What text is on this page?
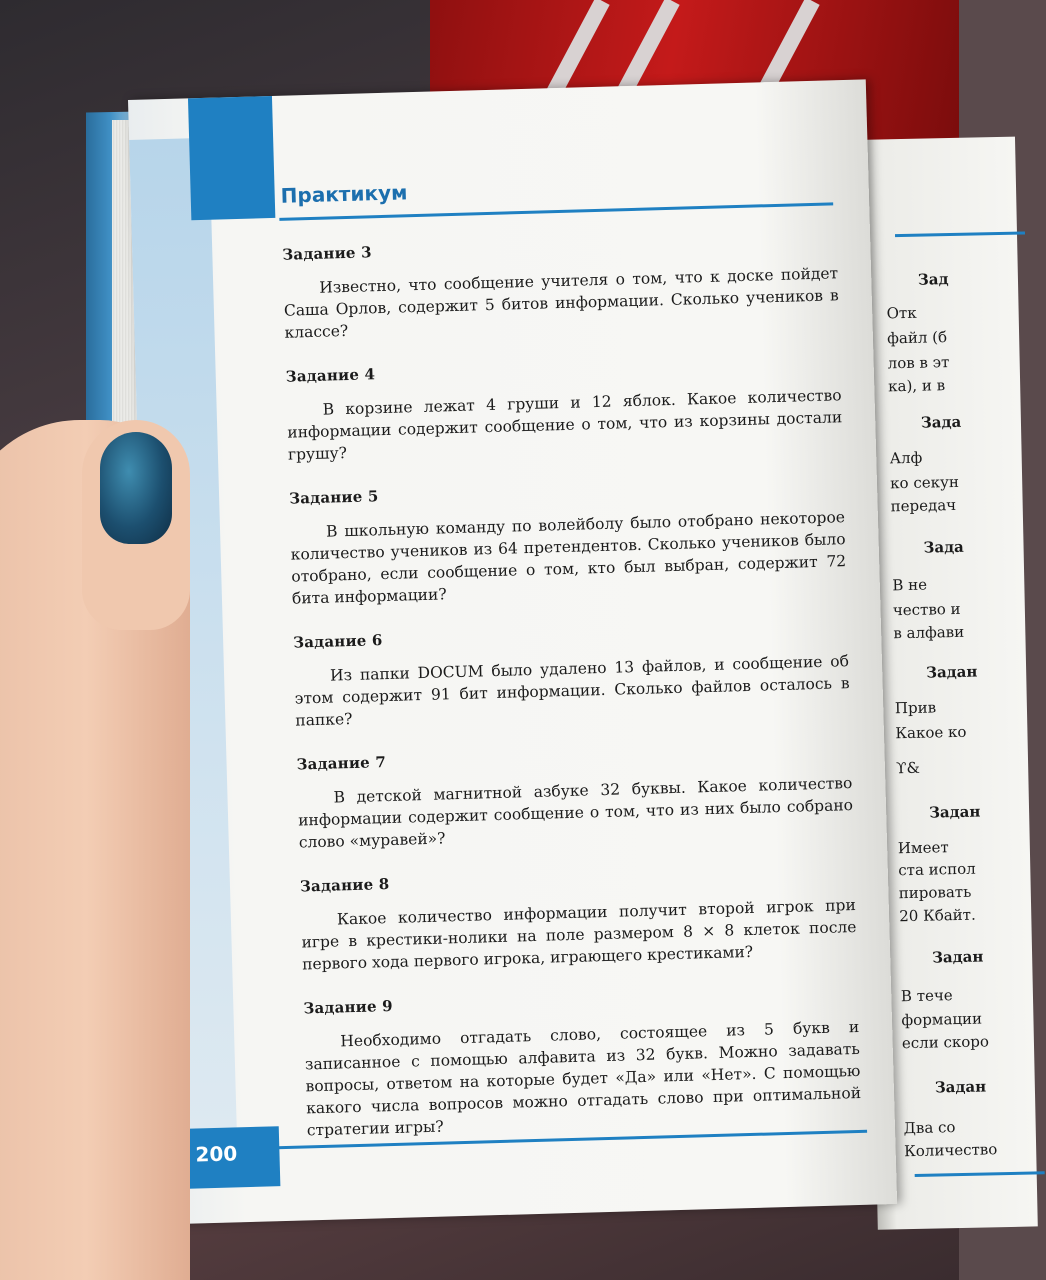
Зад
Отк
файл (б
лов в эт
ка), и в
Зада
Алф
ко секун
передач
Зада
В не
чество и
в алфави
Задан
Прив
Какое ко
ϒ&
Задан
Имеет
ста испол
пировать
20 Кбайт.
Задан
В тече
формации
если скоро
Задан
Два со
Количество
Практикум
Задание 3

Известно, что сообщение учителя о том, что к доске пойдет Саша Орлов, содержит 5 битов информации. Сколько учеников в классе?

Задание 4

В корзине лежат 4 груши и 12 яблок. Какое количество информации содержит сообщение о том, что из корзины достали грушу?

Задание 5

В школьную команду по волейболу было отобрано некоторое количество учеников из 64 претендентов. Сколько учеников было отобрано, если сообщение о том, кто был выбран, содержит 72 бита информации?

Задание 6

Из папки DOCUM было удалено 13 файлов, и сообщение об этом содержит 91 бит информации. Сколько файлов осталось в папке?

Задание 7

В детской магнитной азбуке 32 буквы. Какое количество информации содержит сообщение о том, что из них было собрано слово «муравей»?

Задание 8

Какое количество информации получит второй игрок при игре в крестики-нолики на поле размером 8 × 8 клеток после первого хода первого игрока, играющего крестиками?

Задание 9

Необходимо отгадать слово, состоящее из 5 букв и записанное с помощью алфавита из 32 букв. Можно задавать вопросы, ответом на которые будет «Да» или «Нет». С помощью какого числа вопросов можно отгадать слово при оптимальной стратегии игры?

200
